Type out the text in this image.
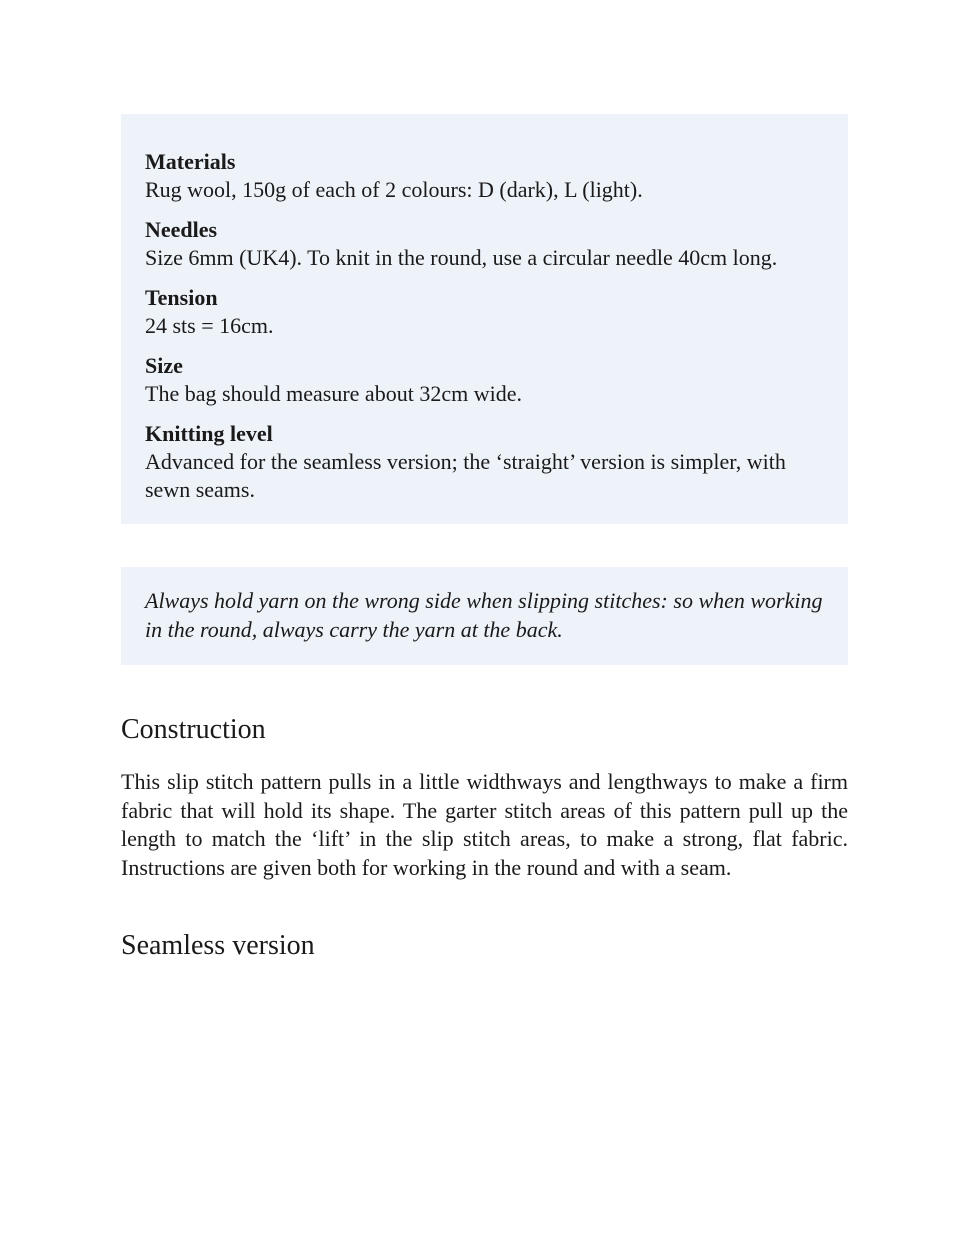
Materials
Rug wool, 150g of each of 2 colours: D (dark), L (light).
Needles
Size 6mm (UK4). To knit in the round, use a circular needle 40cm long.
Tension
24 sts = 16cm.
Size
The bag should measure about 32cm wide.
Knitting level
Advanced for the seamless version; the ‘straight’ version is simpler, with sewn seams.

Always hold yarn on the wrong side when slipping stitches: so when working in the round, always carry the yarn at the back.

Construction

This slip stitch pattern pulls in a little widthways and lengthways to make a firm fabric that will hold its shape. The garter stitch areas of this pattern pull up the length to match the ‘lift’ in the slip stitch areas, to make a strong, flat fabric. Instructions are given both for working in the round and with a seam.

Seamless version
